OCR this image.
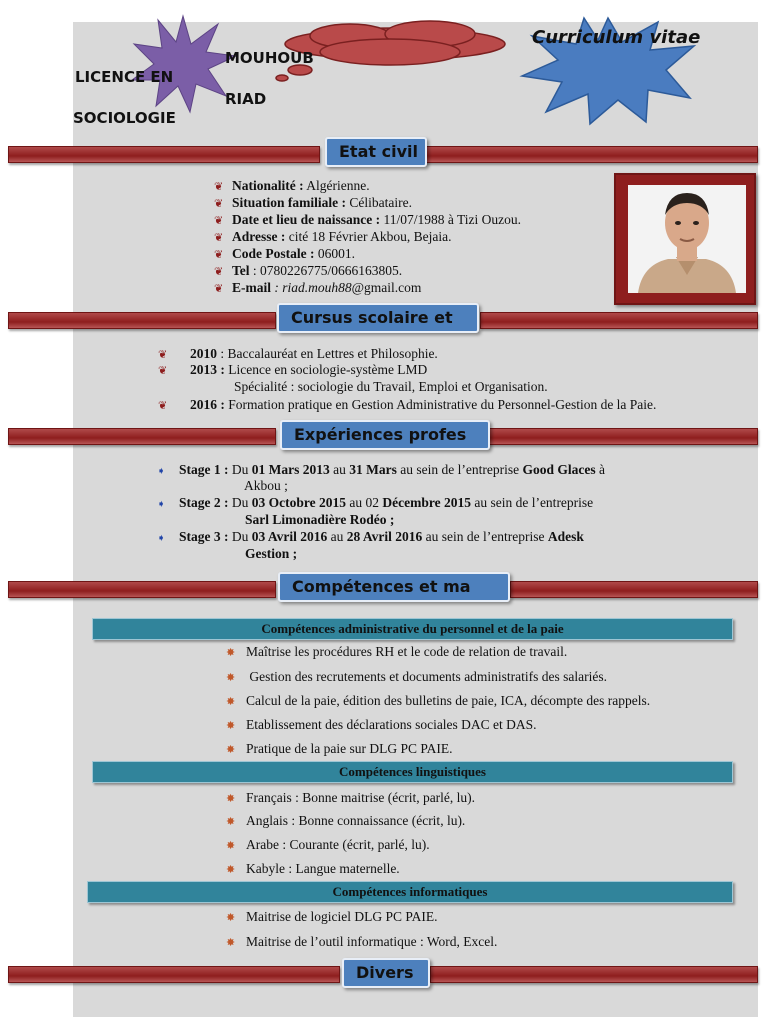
LICENCE EN
SOCIOLOGIE
MOUHOUB
RIAD
Curriculum vitae
Etat civil
❦ Nationalité : Algérienne.
❦ Situation familiale : Célibataire.
❦ Date et lieu de naissance : 11/07/1988 à Tizi Ouzou.
❦ Adresse : cité 18 Février Akbou, Bejaia.
❦ Code Postale : 06001.
❦ Tel : 0780226775/0666163805.
❦ E-mail : riad.mouh88@gmail.com
Cursus scolaire et
❦ 2010 : Baccalauréat en Lettres et Philosophie.
❦ 2013 : Licence en sociologie-système LMD
Spécialité : sociologie du Travail, Emploi et Organisation.
❦ 2016 : Formation pratique en Gestion Administrative du Personnel-Gestion de la Paie.
Expériences profes
➧ Stage 1 : Du 01 Mars 2013 au 31 Mars au sein de l’entreprise Good Glaces à
Akbou ;
➧ Stage 2 : Du 03 Octobre 2015 au 02 Décembre 2015 au sein de l’entreprise
Sarl Limonadière Rodéo ;
➧ Stage 3 : Du 03 Avril 2016 au 28 Avril 2016 au sein de l’entreprise Adesk
Gestion ;
Compétences et ma
Compétences administrative du personnel et de la paie
✸ Maîtrise les procédures RH et le code de relation de travail.
✸ Gestion des recrutements et documents administratifs des salariés.
✸ Calcul de la paie, édition des bulletins de paie, ICA, décompte des rappels.
✸ Etablissement des déclarations sociales DAC et DAS.
✸ Pratique de la paie sur DLG PC PAIE.
Compétences linguistiques
✸ Français : Bonne maitrise (écrit, parlé, lu).
✸ Anglais : Bonne connaissance (écrit, lu).
✸ Arabe : Courante (écrit, parlé, lu).
✸ Kabyle : Langue maternelle.
Compétences informatiques
✸ Maitrise de logiciel DLG PC PAIE.
✸ Maitrise de l’outil informatique : Word, Excel.
Divers
